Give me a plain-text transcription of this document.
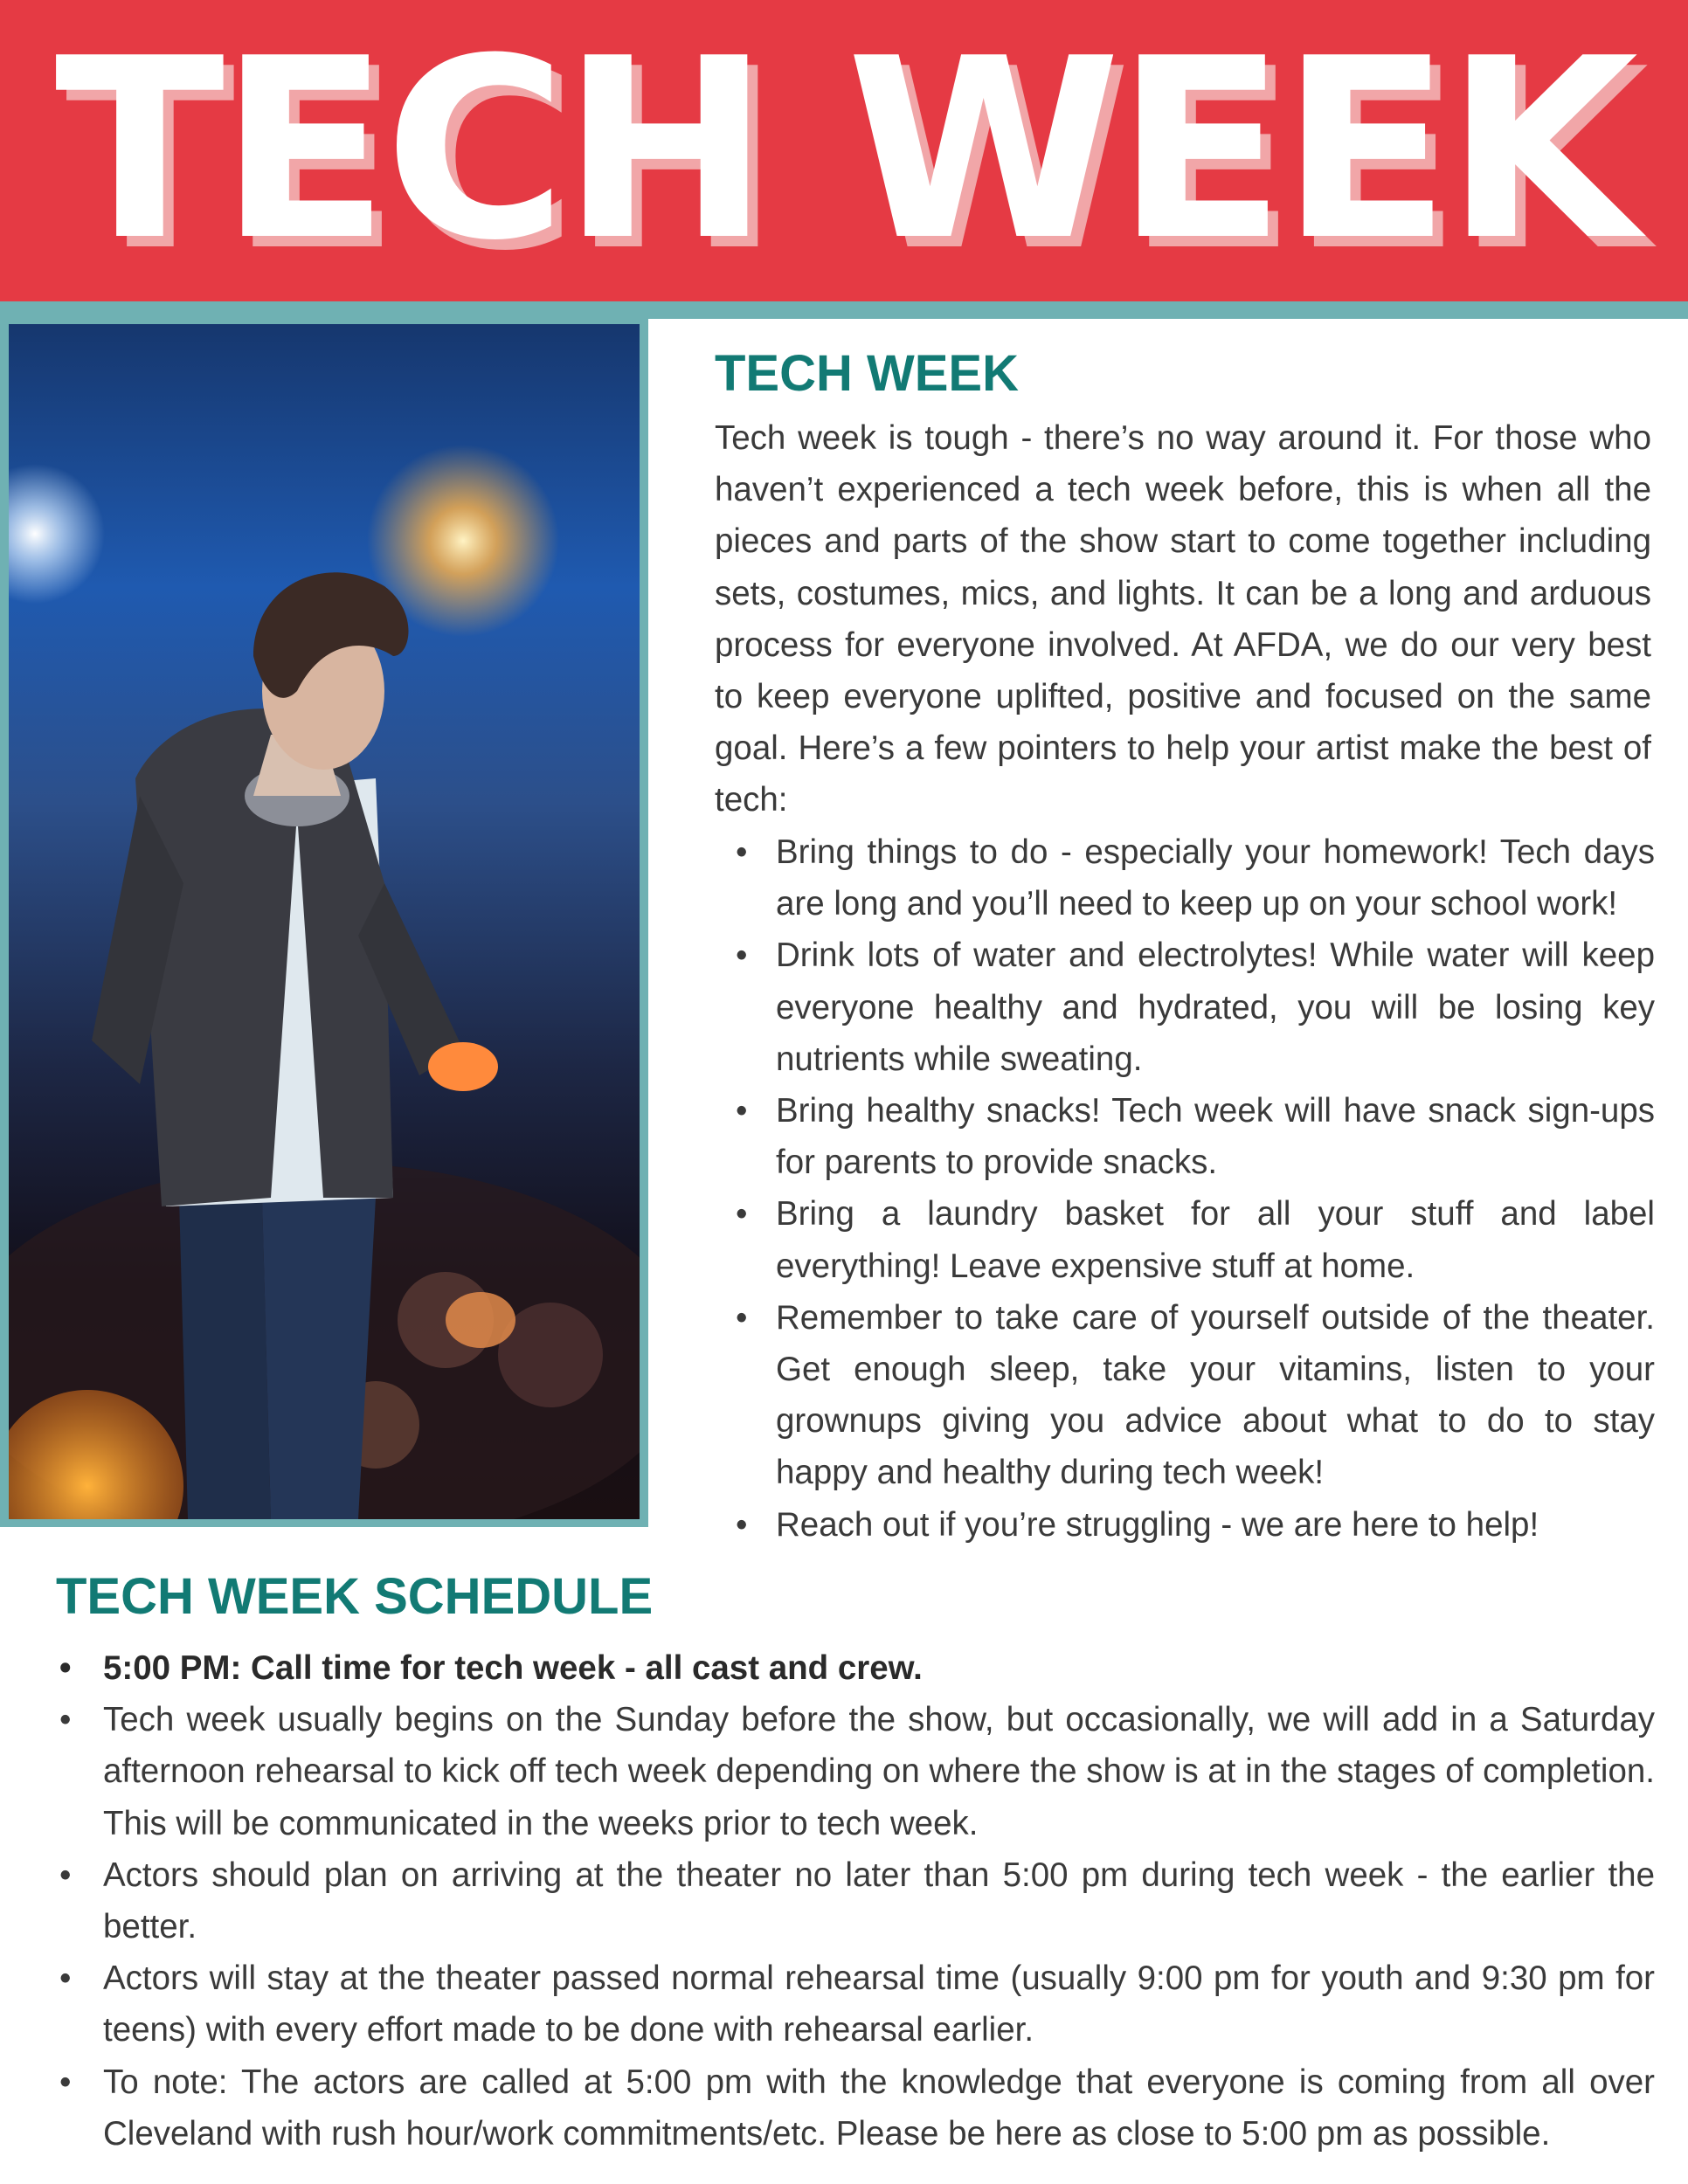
TECH WEEK
TECH WEEK

Tech week is tough - there’s no way around it. For those who haven’t experienced a tech week before, this is when all the pieces and parts of the show start to come together including sets, costumes, mics, and lights. It can be a long and arduous process for everyone involved. At AFDA, we do our very best to keep everyone uplifted, positive and focused on the same goal. Here’s a few pointers to help your artist make the best of tech:

• Bring things to do - especially your homework! Tech days are long and you’ll need to keep up on your school work!
• Drink lots of water and electrolytes! While water will keep everyone healthy and hydrated, you will be losing key nutrients while sweating.
• Bring healthy snacks! Tech week will have snack sign-ups for parents to provide snacks.
• Bring a laundry basket for all your stuff and label everything! Leave expensive stuff at home.
• Remember to take care of yourself outside of the theater. Get enough sleep, take your vitamins, listen to your grownups giving you advice about what to do to stay happy and healthy during tech week!
• Reach out if you’re struggling - we are here to help!
TECH WEEK SCHEDULE
• 5:00 PM: Call time for tech week - all cast and crew.
• Tech week usually begins on the Sunday before the show, but occasionally, we will add in a Saturday afternoon rehearsal to kick off tech week depending on where the show is at in the stages of completion. This will be communicated in the weeks prior to tech week.
• Actors should plan on arriving at the theater no later than 5:00 pm during tech week - the earlier the better.
• Actors will stay at the theater passed normal rehearsal time (usually 9:00 pm for youth and 9:30 pm for teens) with every effort made to be done with rehearsal earlier.
• To note: The actors are called at 5:00 pm with the knowledge that everyone is coming from all over Cleveland with rush hour/work commitments/etc. Please be here as close to 5:00 pm as possible.
